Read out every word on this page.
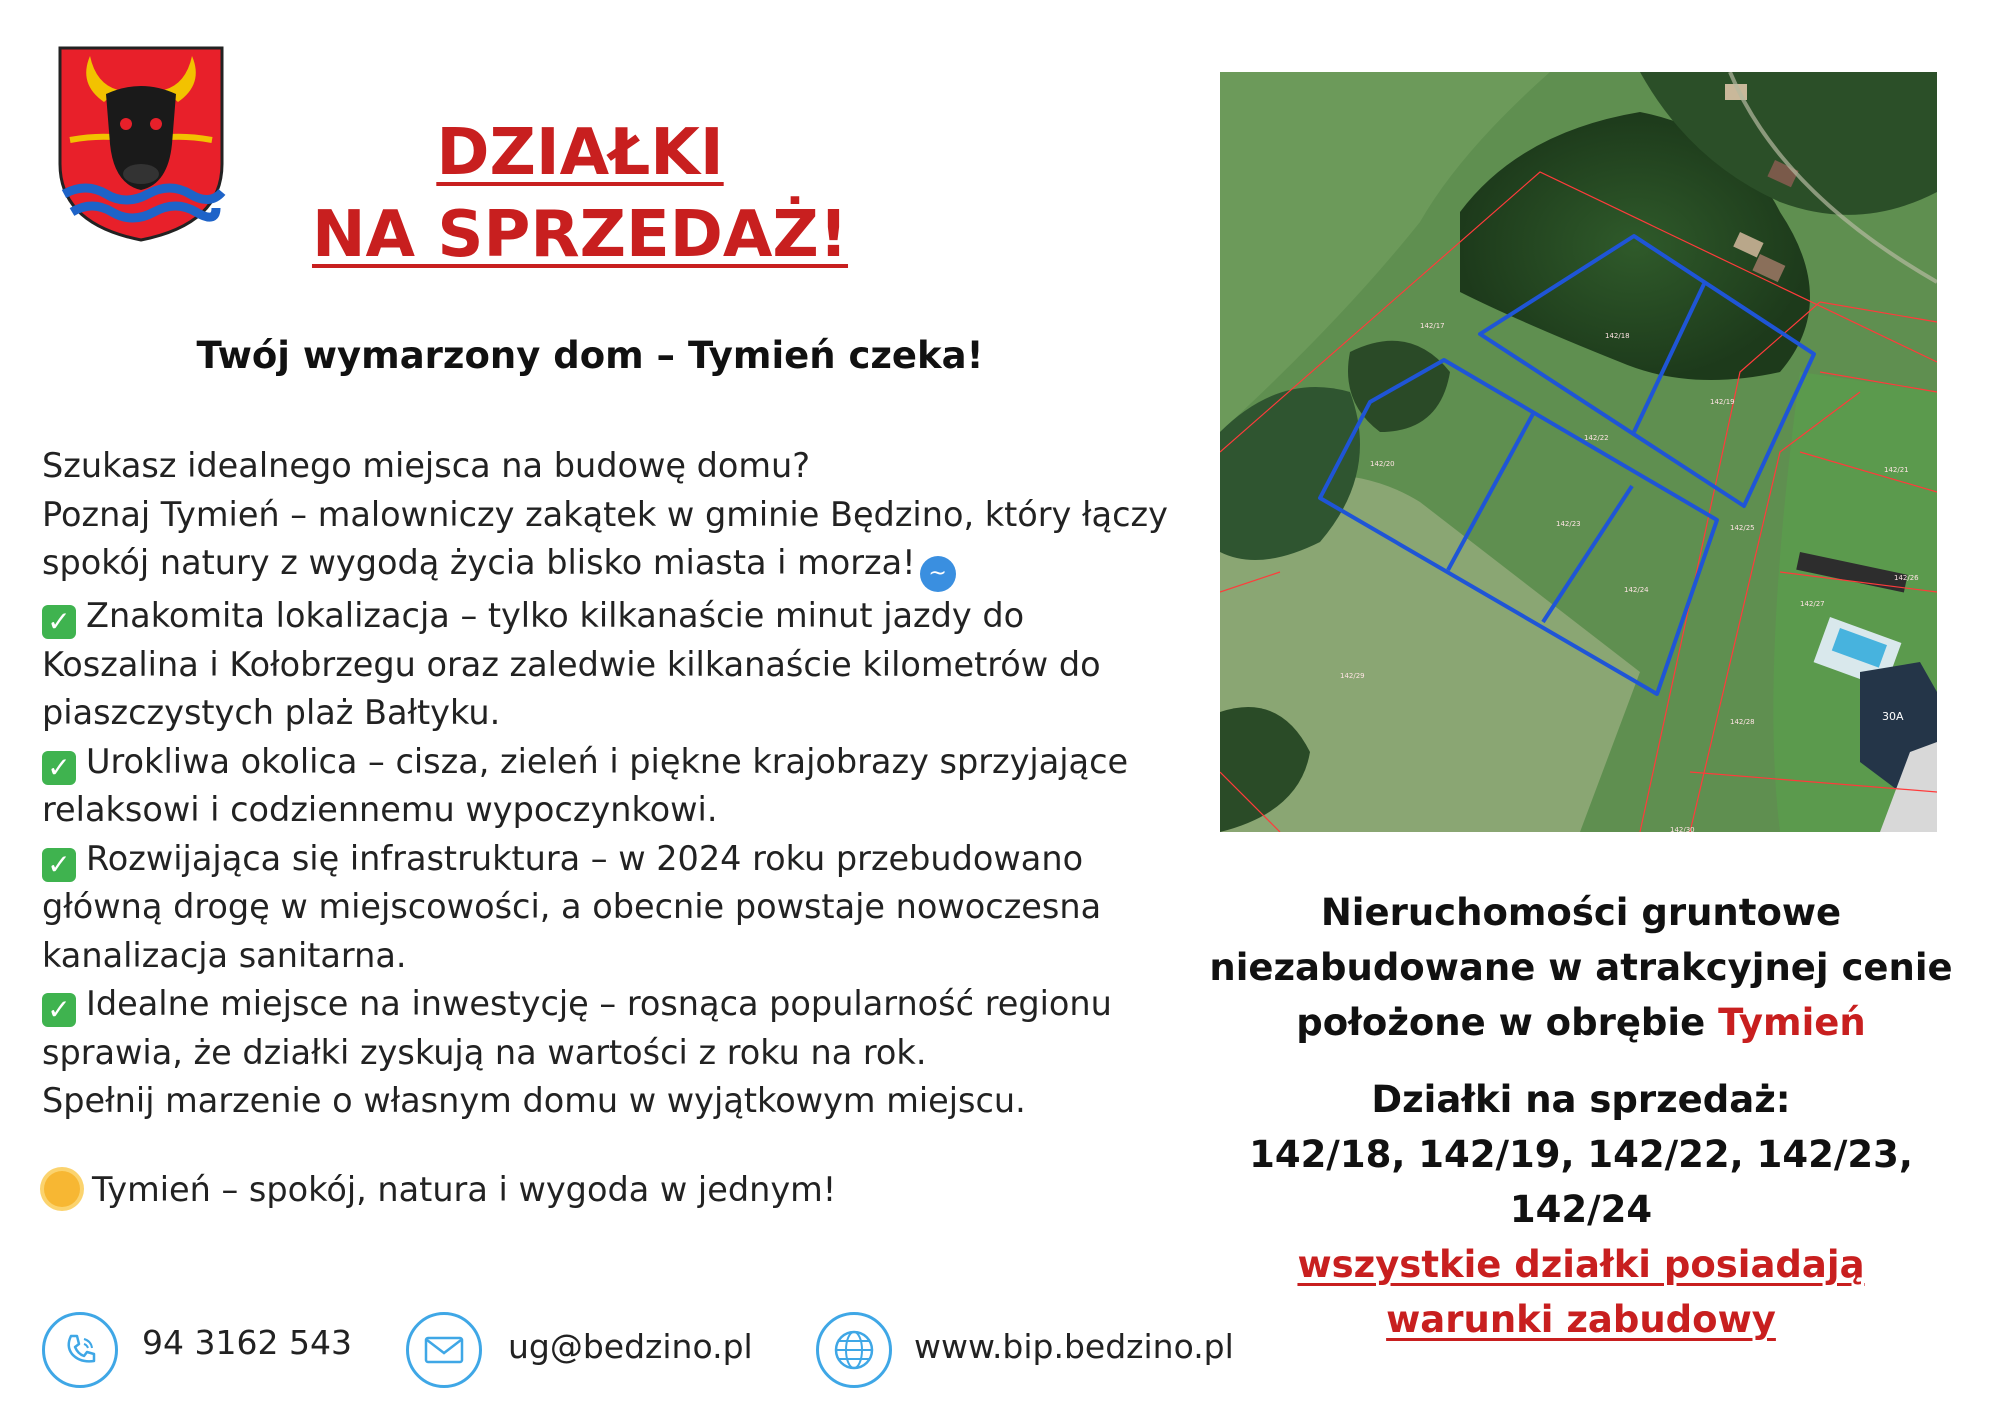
DZIAŁKI
NA SPRZEDAŻ!
Twój wymarzony dom – Tymień czeka!

Szukasz idealnego miejsca na budowę domu?

Poznaj Tymień – malowniczy zakątek w gminie Będzino, który łączy spokój natury z wygodą życia blisko miasta i morza! ~

✓ Znakomita lokalizacja – tylko kilkanaście minut jazdy do Koszalina i Kołobrzegu oraz zaledwie kilkanaście kilometrów do piaszczystych plaż Bałtyku.

✓ Urokliwa okolica – cisza, zieleń i piękne krajobrazy sprzyjające relaksowi i codziennemu wypoczynkowi.

✓ Rozwijająca się infrastruktura – w 2024 roku przebudowano główną drogę w miejscowości, a obecnie powstaje nowoczesna kanalizacja sanitarna.

✓ Idealne miejsce na inwestycję – rosnąca popularność regionu sprawia, że działki zyskują na wartości z roku na rok.

Spełnij marzenie o własnym domu w wyjątkowym miejscu.

Tymień – spokój, natura i wygoda w jednym!
94 3162 543	ug@bedzino.pl	www.bip.bedzino.pl
30A
142/17
142/18
142/19
142/20
142/21
142/22
142/23
142/24
142/25
142/26
142/27
142/28
142/29
142/30
Nieruchomości gruntowe
niezabudowane w atrakcyjnej cenie
położone w obrębie Tymień
Działki na sprzedaż:
142/18, 142/19, 142/22, 142/23, 142/24
wszystkie działki posiadają
warunki zabudowy
